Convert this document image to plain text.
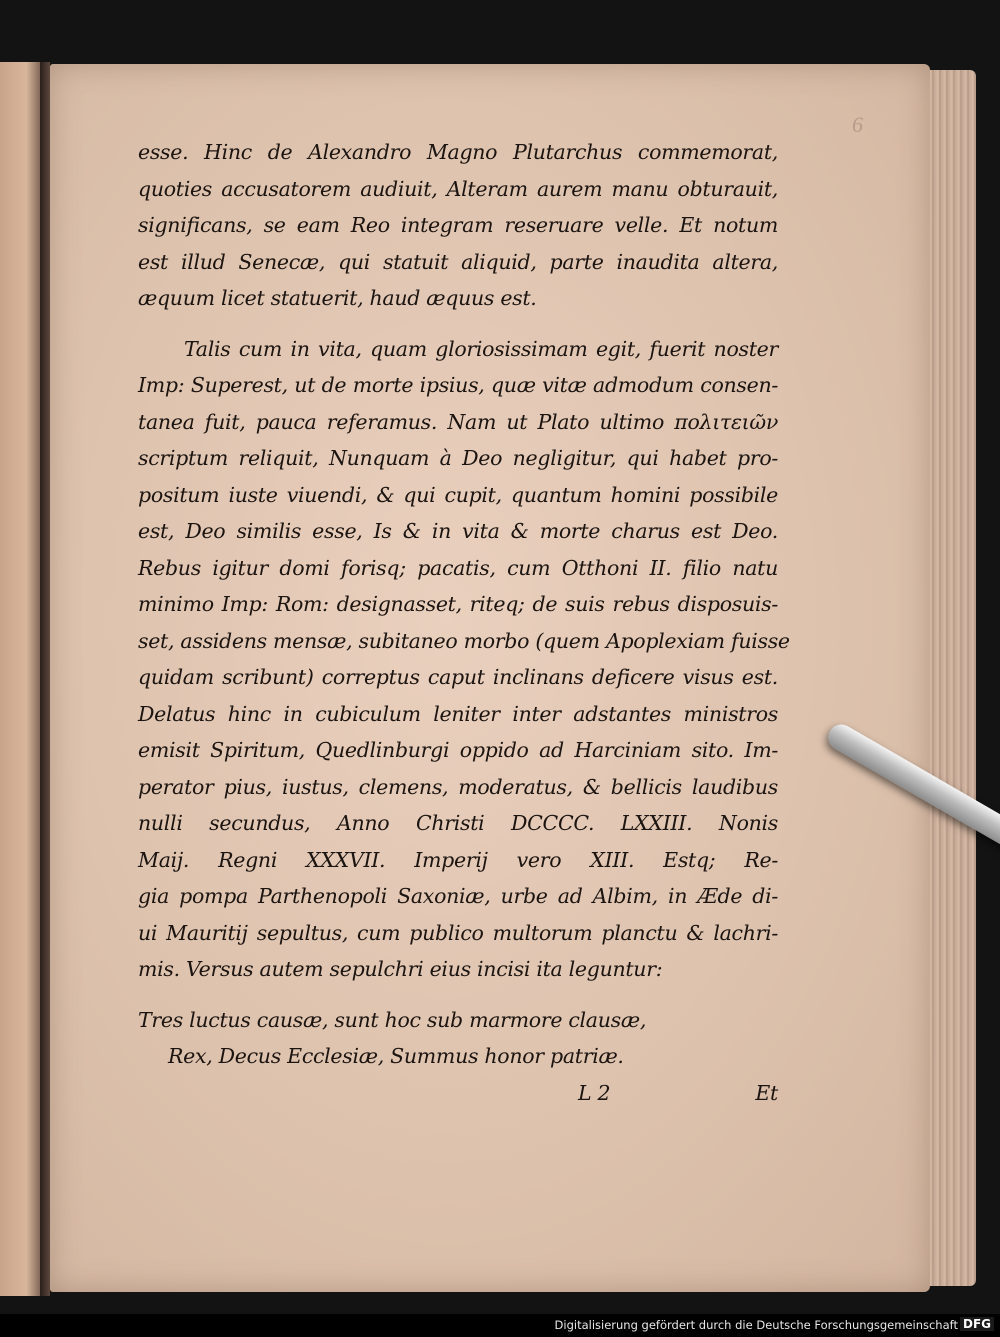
6
esse. Hinc de Alexandro Magno Plutarchus commemorat,
quoties accusatorem audiuit, Alteram aurem manu obturauit,
significans, se eam Reo integram reseruare velle. Et notum
est illud Senecæ, qui statuit aliquid, parte inaudita altera,
æquum licet statuerit, haud æquus est.
Talis cum in vita, quam gloriosissimam egit, fuerit noster
Imp: Superest, ut de morte ipsius, quæ vitæ admodum consen-
tanea fuit, pauca referamus. Nam ut Plato ultimo πολιτειῶν
scriptum reliquit, Nunquam à Deo negligitur, qui habet pro-
positum iuste viuendi, & qui cupit, quantum homini possibile
est, Deo similis esse, Is & in vita & morte charus est Deo.
Rebus igitur domi forisq; pacatis, cum Otthoni II. filio natu
minimo Imp: Rom: designasset, riteq; de suis rebus disposuis-
set, assidens mensæ, subitaneo morbo (quem Apoplexiam fuisse
quidam scribunt) correptus caput inclinans deficere visus est.
Delatus hinc in cubiculum leniter inter adstantes ministros
emisit Spiritum, Quedlinburgi oppido ad Harciniam sito. Im-
perator pius, iustus, clemens, moderatus, & bellicis laudibus
nulli secundus, Anno Christi DCCCC. LXXIII. Nonis
Maij. Regni XXXVII. Imperij vero XIII. Estq; Re-
gia pompa Parthenopoli Saxoniæ, urbe ad Albim, in Æde di-
ui Mauritij sepultus, cum publico multorum planctu & lachri-
mis. Versus autem sepulchri eius incisi ita leguntur:
Tres luctus causæ, sunt hoc sub marmore clausæ,
Rex, Decus Ecclesiæ, Summus honor patriæ.
L 2	Et
Digitalisierung gefördert durch die Deutsche Forschungsgemeinschaft DFG
